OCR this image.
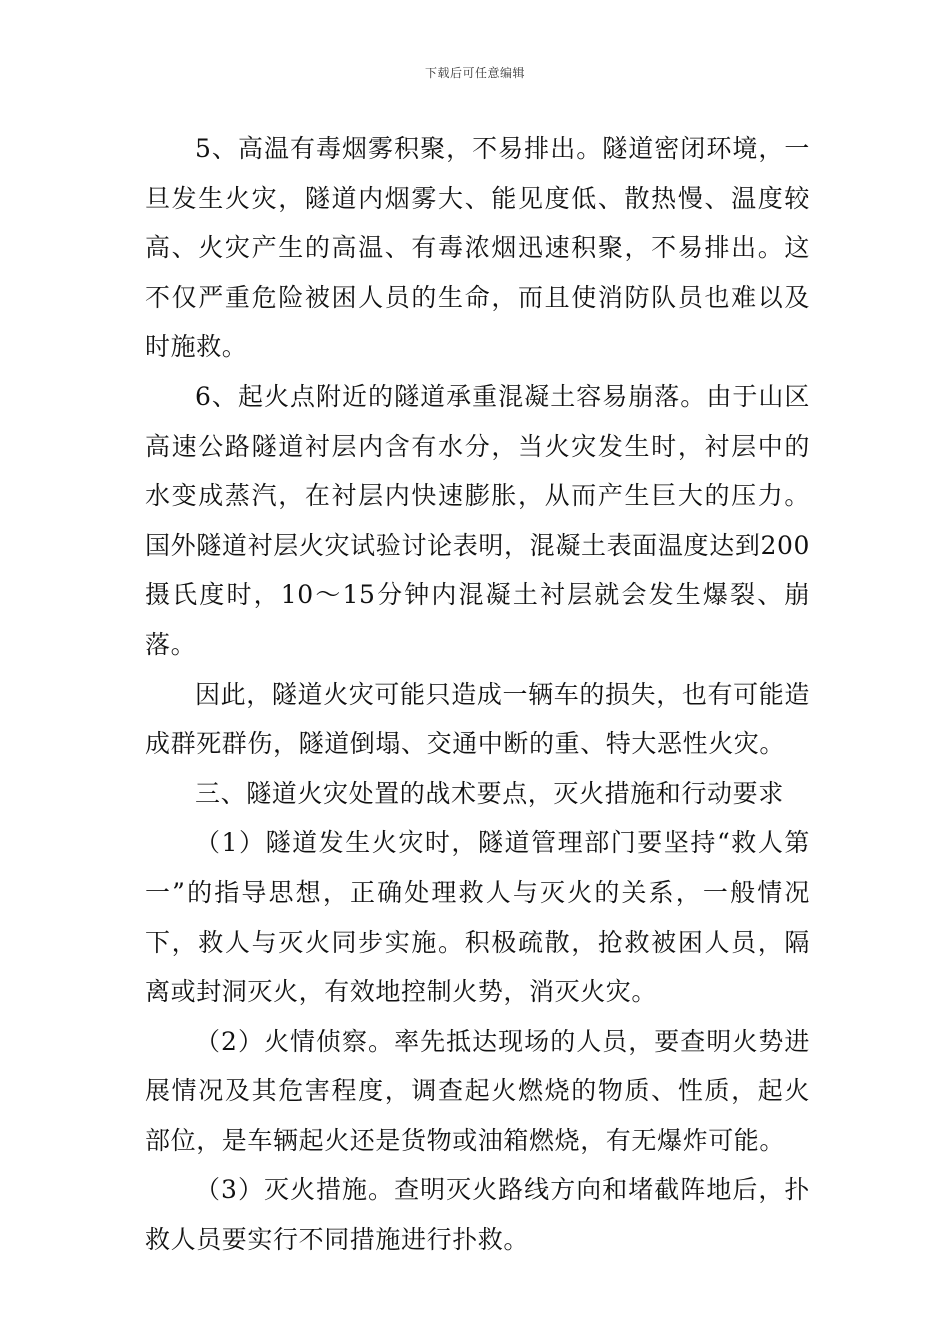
下载后可任意编辑

5、高温有毒烟雾积聚，不易排出。隧道密闭环境，一旦发生火灾，隧道内烟雾大、能见度低、散热慢、温度较高、火灾产生的高温、有毒浓烟迅速积聚，不易排出。这不仅严重危险被困人员的生命，而且使消防队员也难以及时施救。

6、起火点附近的隧道承重混凝土容易崩落。由于山区高速公路隧道衬层内含有水分，当火灾发生时，衬层中的水变成蒸汽，在衬层内快速膨胀，从而产生巨大的压力。国外隧道衬层火灾试验讨论表明，混凝土表面温度达到200摄氏度时，10～15分钟内混凝土衬层就会发生爆裂、崩落。

因此，隧道火灾可能只造成一辆车的损失，也有可能造成群死群伤，隧道倒塌、交通中断的重、特大恶性火灾。

三、隧道火灾处置的战术要点，灭火措施和行动要求

（1）隧道发生火灾时，隧道管理部门要坚持“救人第一”的指导思想，正确处理救人与灭火的关系，一般情况下，救人与灭火同步实施。积极疏散，抢救被困人员，隔离或封洞灭火，有效地控制火势，消灭火灾。

（2）火情侦察。率先抵达现场的人员，要查明火势进展情况及其危害程度，调查起火燃烧的物质、性质，起火部位，是车辆起火还是货物或油箱燃烧，有无爆炸可能。

（3）灭火措施。查明灭火路线方向和堵截阵地后，扑救人员要实行不同措施进行扑救。
